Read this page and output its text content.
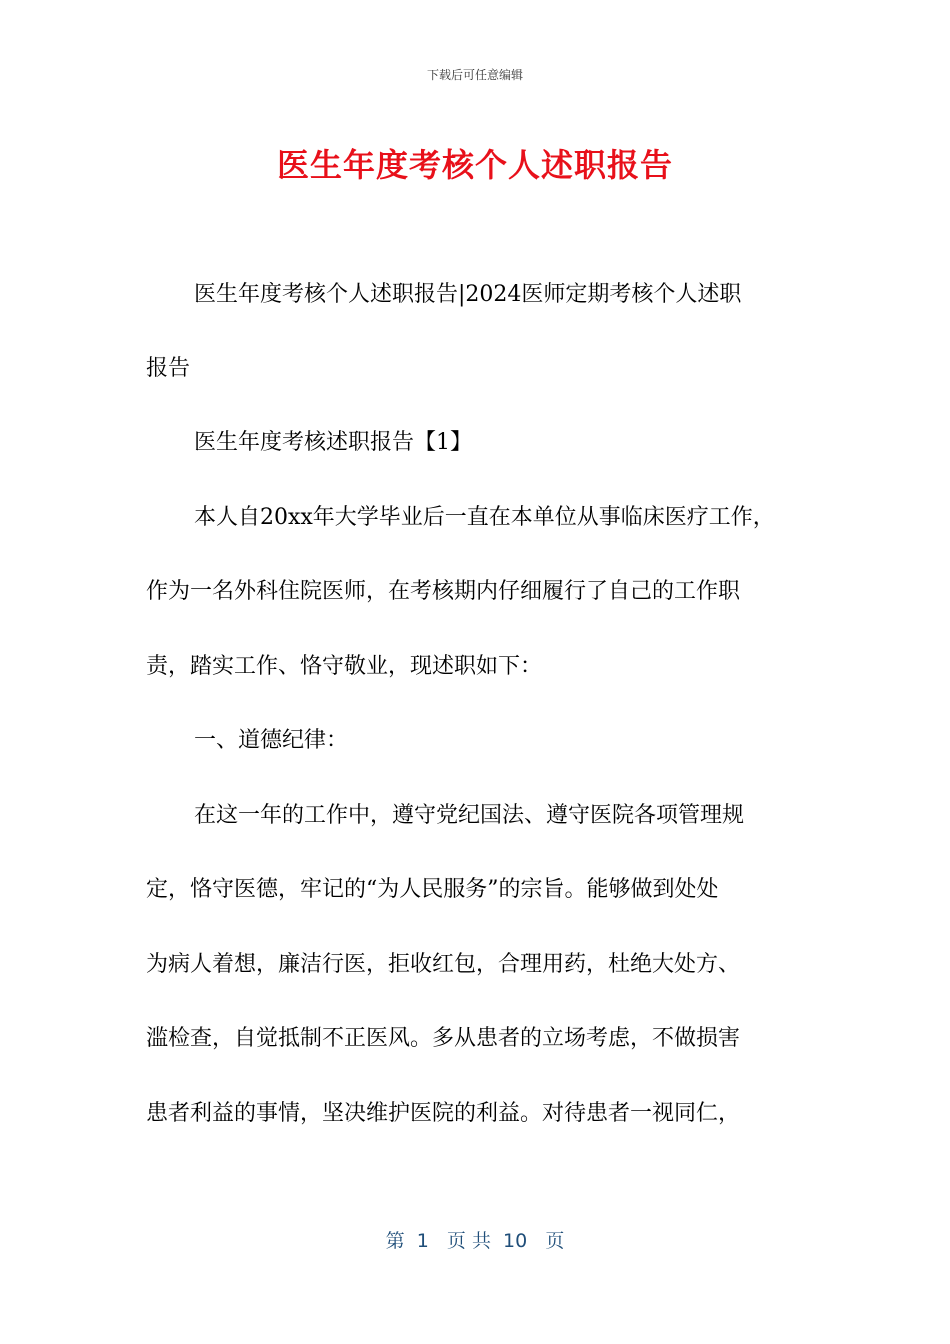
下载后可任意编辑
医生年度考核个人述职报告
医生年度考核个人述职报告|2024医师定期考核个人述职
报告
医生年度考核述职报告【1】
本人自20xx年大学毕业后一直在本单位从事临床医疗工作，
作为一名外科住院医师，在考核期内仔细履行了自己的工作职
责，踏实工作、恪守敬业，现述职如下：
一、道德纪律：
在这一年的工作中，遵守党纪国法、遵守医院各项管理规
定，恪守医德，牢记的“为人民服务”的宗旨。能够做到处处
为病人着想，廉洁行医，拒收红包，合理用药，杜绝大处方、
滥检查，自觉抵制不正医风。多从患者的立场考虑，不做损害
患者利益的事情，坚决维护医院的利益。对待患者一视同仁，
第  1   页 共  10   页
